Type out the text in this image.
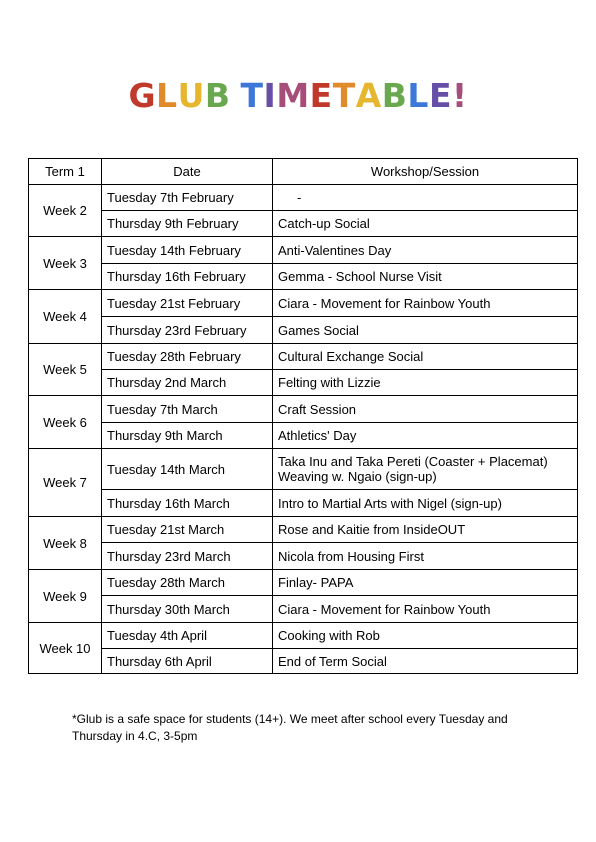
GLUB TIMETABLE!
Term 1	Date	Workshop/Session
Week 2	Tuesday 7th February	-
	Thursday 9th February	Catch-up Social
Week 3	Tuesday 14th February	Anti-Valentines Day
	Thursday 16th February	Gemma - School Nurse Visit
Week 4	Tuesday 21st February	Ciara - Movement for Rainbow Youth
	Thursday 23rd February	Games Social
Week 5	Tuesday 28th February	Cultural Exchange Social
	Thursday 2nd March	Felting with Lizzie
Week 6	Tuesday 7th March	Craft Session
	Thursday 9th March	Athletics' Day
Week 7	Tuesday 14th March	Taka Inu and Taka Pereti (Coaster + Placemat)
Weaving w. Ngaio (sign-up)

	Thursday 16th March	Intro to Martial Arts with Nigel (sign-up)
Week 8	Tuesday 21st March	Rose and Kaitie from InsideOUT
	Thursday 23rd March	Nicola from Housing First
Week 9	Tuesday 28th March	Finlay- PAPA
	Thursday 30th March	Ciara - Movement for Rainbow Youth
Week 10	Tuesday 4th April	Cooking with Rob
	Thursday 6th April	End of Term Social
*Glub is a safe space for students (14+). We meet after school every Tuesday and Thursday in 4.C, 3-5pm
